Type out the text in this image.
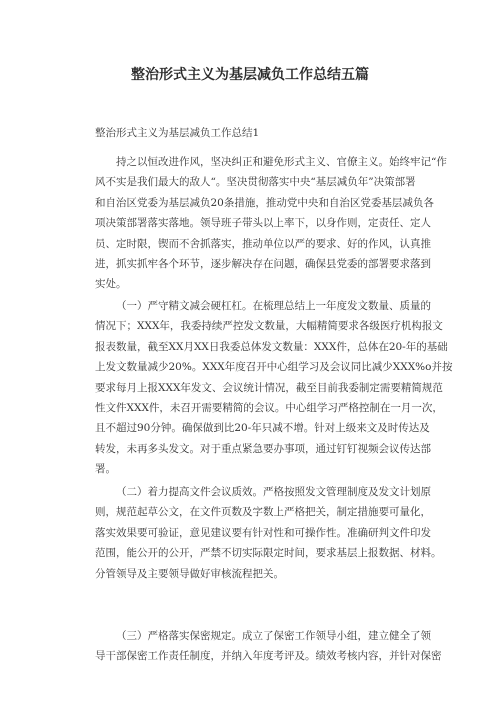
整治形式主义为基层减负工作总结五篇

整治形式主义为基层减负工作总结1

持之以恒改进作风，坚决纠正和避免形式主义、官僚主义。始终牢记“作
风不实是我们最大的敌人“。坚决贯彻落实中央“基层减负年”决策部署
和自治区党委为基层减负20条措施，推动党中央和自治区党委基层减负各
项决策部署落实落地。领导班子带头以上率下，以身作则，定责任、定人
员、定时限，锲而不舍抓落实，推动单位以严的要求、好的作风，认真推
进，抓实抓牢各个环节，逐步解决存在问题，确保县党委的部署要求落到
实处。

（一）严守精文减会硬杠杠。在梳理总结上一年度发文数量、质量的
情况下；XXX年，我委持续严控发文数量，大幅精简要求各级医疗机构报文
报表数量，截至XX月XX日我委总体发文数量：XXX件，总体在20-年的基础
上发文数量减少20%。XXX年度召开中心组学习及会议同比减少XXX%o并按
要求每月上报XXX年发文、会议统计情况，截至目前我委制定需要精简规范
性文件XXX件，未召开需要精简的会议。中心组学习严格控制在一月一次，
且不超过90分钟。确保做到比20-年只减不增。针对上级来文及时传达及
转发，未再多头发文。对于重点紧急要办事项，通过钉钉视频会议传达部
署。

（二）着力提高文件会议质效。严格按照发文管理制度及发文计划原
则，规范起草公文，在文件页数及字数上严格把关，制定措施要可量化，
落实效果要可验证，意见建议要有针对性和可操作性。准确研判文件印发
范围，能公开的公开，严禁不切实际限定时间，要求基层上报数据、材料。
分管领导及主要领导做好审核流程把关。

（三）严格落实保密规定。成立了保密工作领导小组，建立健全了领
导干部保密工作责任制度，并纳入年度考评及。绩效考核内容，并针对保密
